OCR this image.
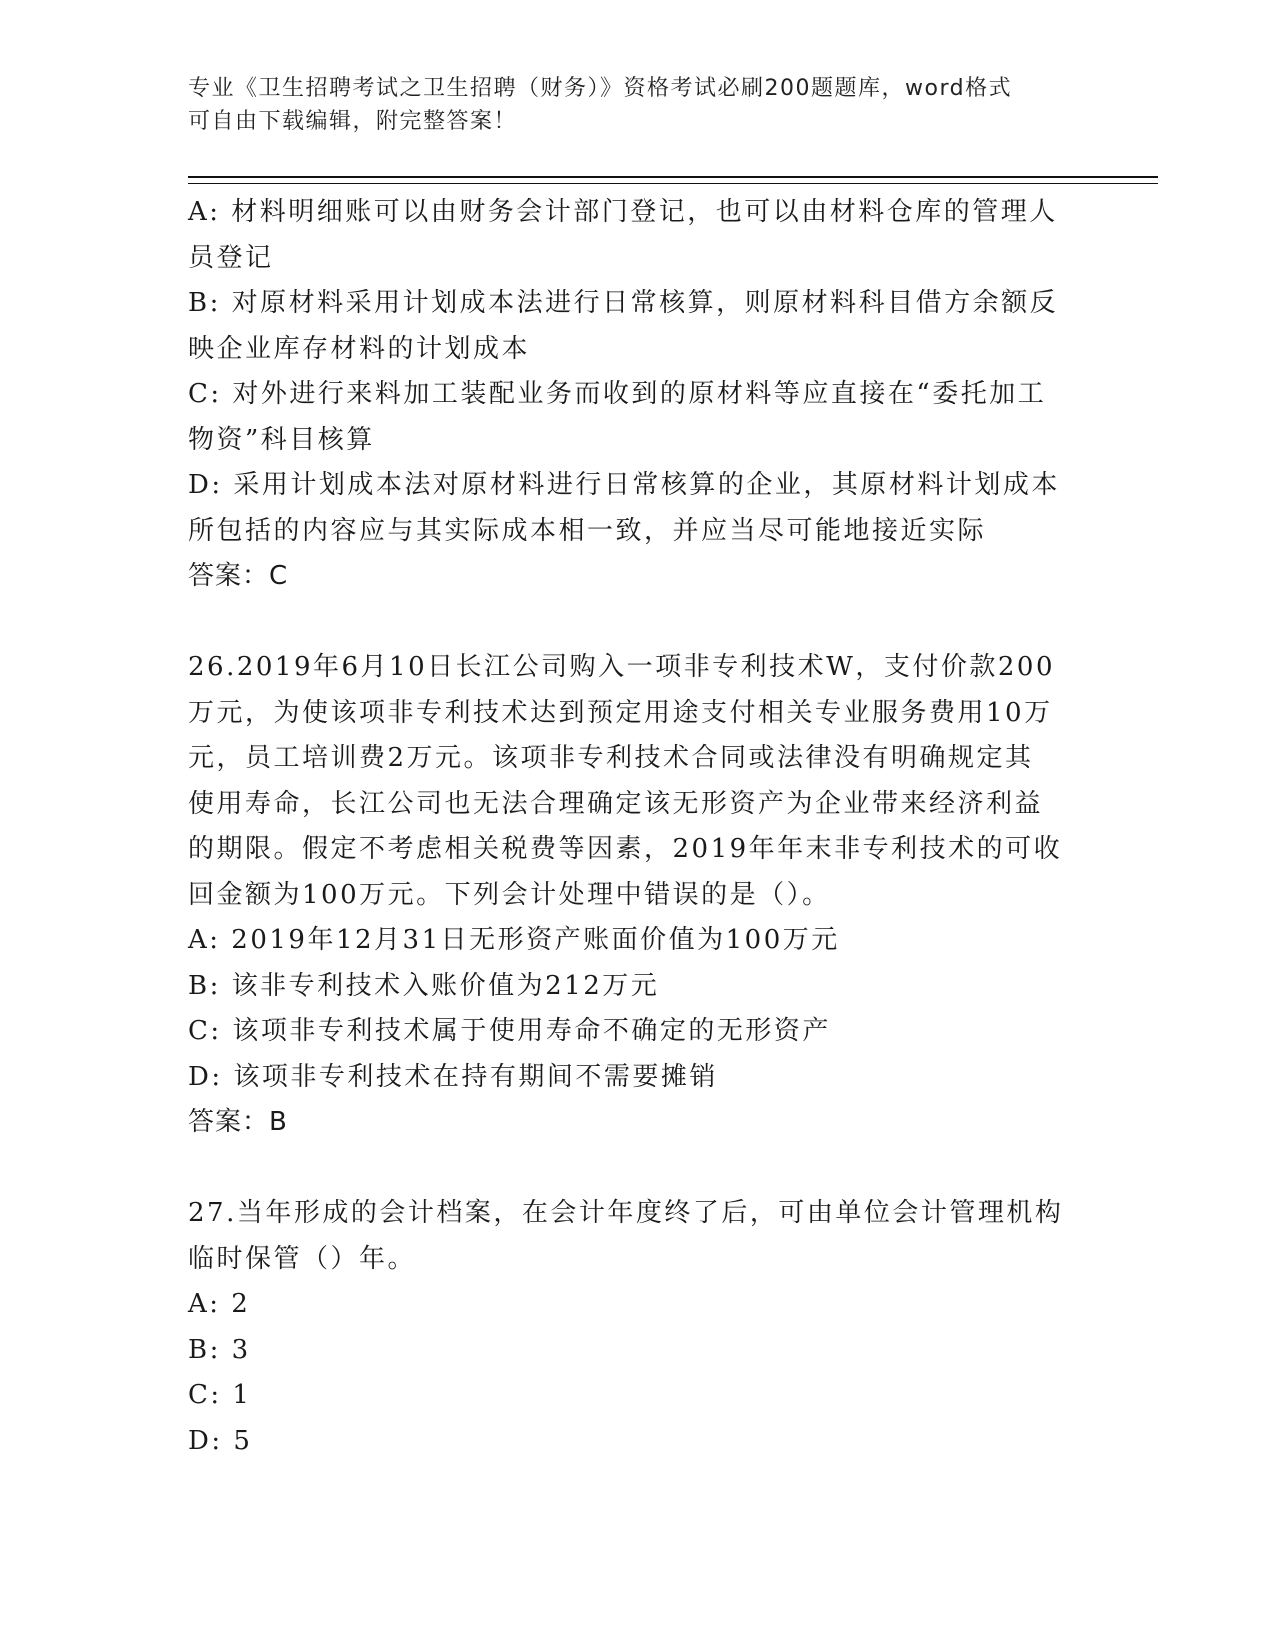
专业《卫生招聘考试之卫生招聘（财务）》资格考试必刷200题题库，word格式
可自由下载编辑，附完整答案！

A: 材料明细账可以由财务会计部门登记，也可以由材料仓库的管理人

员登记

B: 对原材料采用计划成本法进行日常核算，则原材料科目借方余额反

映企业库存材料的计划成本

C: 对外进行来料加工装配业务而收到的原材料等应直接在“委托加工

物资”科目核算

D: 采用计划成本法对原材料进行日常核算的企业，其原材料计划成本

所包括的内容应与其实际成本相一致，并应当尽可能地接近实际

答案：C

26.2019年6月10日长江公司购入一项非专利技术W，支付价款200

万元，为使该项非专利技术达到预定用途支付相关专业服务费用10万

元，员工培训费2万元。该项非专利技术合同或法律没有明确规定其

使用寿命，长江公司也无法合理确定该无形资产为企业带来经济利益

的期限。假定不考虑相关税费等因素，2019年年末非专利技术的可收

回金额为100万元。下列会计处理中错误的是（）。

A: 2019年12月31日无形资产账面价值为100万元

B: 该非专利技术入账价值为212万元

C: 该项非专利技术属于使用寿命不确定的无形资产

D: 该项非专利技术在持有期间不需要摊销

答案：B

27.当年形成的会计档案，在会计年度终了后，可由单位会计管理机构

临时保管（）年。

A: 2

B: 3

C: 1

D: 5
